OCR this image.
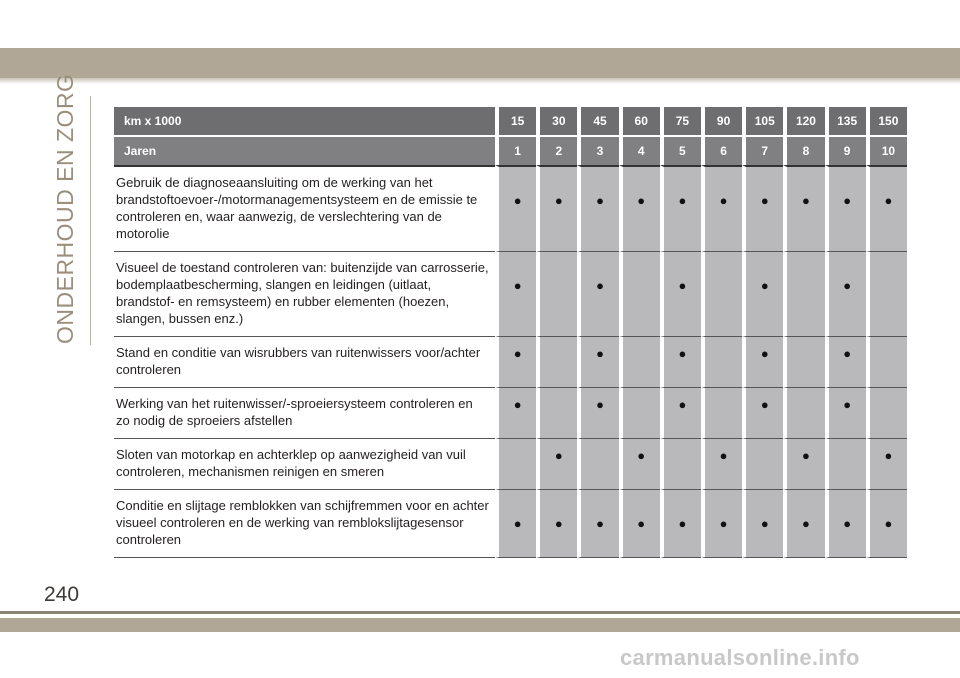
ONDERHOUD EN ZORG	km x 1000	15	30	45	60	75	90	105	120	135	150
Jaren	1	2	3	4	5	6	7	8	9	10
Gebruik de diagnoseaansluiting om de werking van het brandstoftoevoer-/motormanagementsysteem en de emissie te controleren en, waar aanwezig, de verslechtering van de motorolie	●	●	●	●	●	●	●	●	●	●
Visueel de toestand controleren van: buitenzijde van carrosserie, bodemplaatbescherming, slangen en leidingen (uitlaat, brandstof- en remsysteem) en rubber elementen (hoezen, slangen, bussen enz.)	●		●		●		●		●	
Stand en conditie van wisrubbers van ruitenwissers voor/achter controleren	●		●		●		●		●	
Werking van het ruitenwisser/-sproeiersysteem controleren en zo nodig de sproeiers afstellen	●		●		●		●		●	
Sloten van motorkap en achterklep op aanwezigheid van vuil controleren, mechanismen reinigen en smeren		●		●		●		●		●
Conditie en slijtage remblokken van schijfremmen voor en achter visueel controleren en de werking van remblokslijtagesensor controleren	●	●	●	●	●	●	●	●	●	●
240
carmanualsonline.info
